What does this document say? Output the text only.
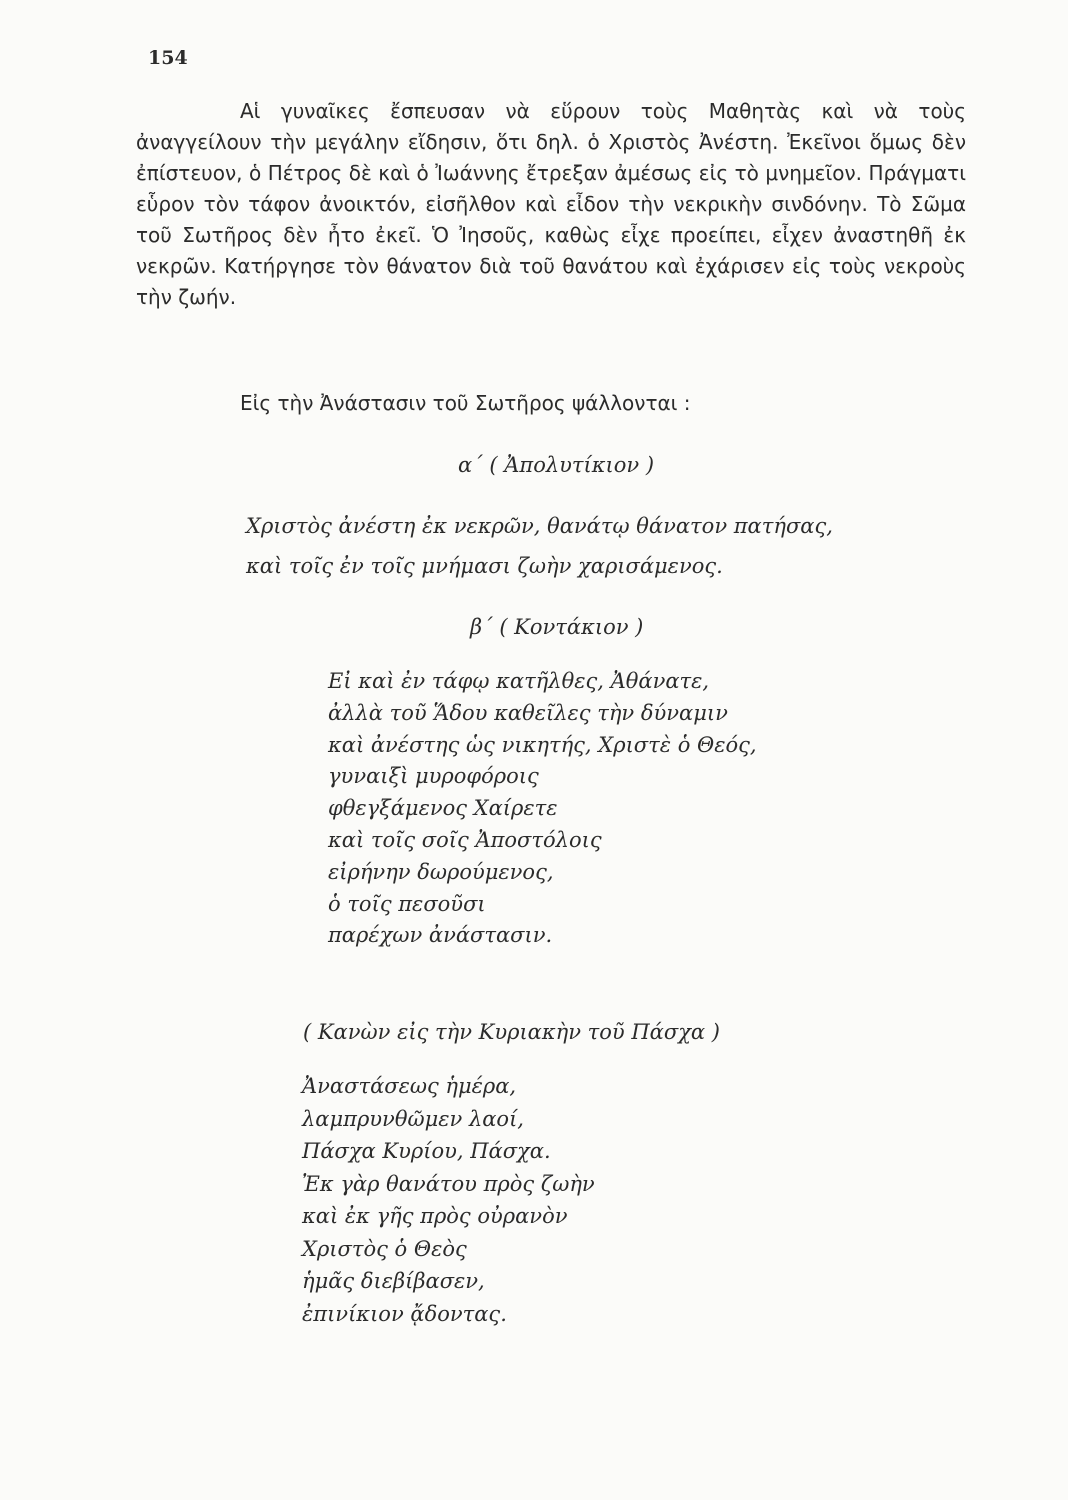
154

Αἱ γυναῖκες ἔσπευσαν νὰ εὕρουν τοὺς Μαθητὰς καὶ νὰ τοὺς ἀναγγείλουν τὴν μεγάλην εἴδησιν, ὅτι δηλ. ὁ Χριστὸς Ἀνέστη. Ἐκεῖνοι ὅμως δὲν ἐπίστευον, ὁ Πέτρος δὲ καὶ ὁ Ἰωάννης ἔτρεξαν ἀμέσως εἰς τὸ μνημεῖον. Πράγματι εὗρον τὸν τάφον ἀνοικτόν, εἰσῆλθον καὶ εἶδον τὴν νεκρικὴν σινδόνην. Τὸ Σῶμα τοῦ Σωτῆρος δὲν ἦτο ἐκεῖ. Ὁ Ἰησοῦς, καθὼς εἶχε προείπει, εἶχεν ἀναστηθῆ ἐκ νεκρῶν. Κατήργησε τὸν θάνατον διὰ τοῦ θανάτου καὶ ἐχάρισεν εἰς τοὺς νεκροὺς τὴν ζωήν.

Εἰς τὴν Ἀνάστασιν τοῦ Σωτῆρος ψάλλονται :

α΄ ( Ἀπολυτίκιον )

Χριστὸς ἀνέστη ἐκ νεκρῶν, θανάτῳ θάνατον πατήσας,
καὶ τοῖς ἐν τοῖς μνήμασι ζωὴν χαρισάμενος.

β΄ ( Κοντάκιον )

Εἰ καὶ ἐν τάφῳ κατῆλθες, Ἀθάνατε,
ἀλλὰ τοῦ Ἅδου καθεῖλες τὴν δύναμιν
καὶ ἀνέστης ὡς νικητής, Χριστὲ ὁ Θεός,
γυναιξὶ μυροφόροις
φθεγξάμενος Χαίρετε
καὶ τοῖς σοῖς Ἀποστόλοις
εἰρήνην δωρούμενος,
ὁ τοῖς πεσοῦσι
παρέχων ἀνάστασιν.

( Κανὼν εἰς τὴν Κυριακὴν τοῦ Πάσχα )

Ἀναστάσεως ἡμέρα,
λαμπρυνθῶμεν λαοί,
Πάσχα Κυρίου, Πάσχα.
Ἐκ γὰρ θανάτου πρὸς ζωὴν
καὶ ἐκ γῆς πρὸς οὐρανὸν
Χριστὸς ὁ Θεὸς
ἡμᾶς διεβίβασεν,
ἐπινίκιον ᾄδοντας.
